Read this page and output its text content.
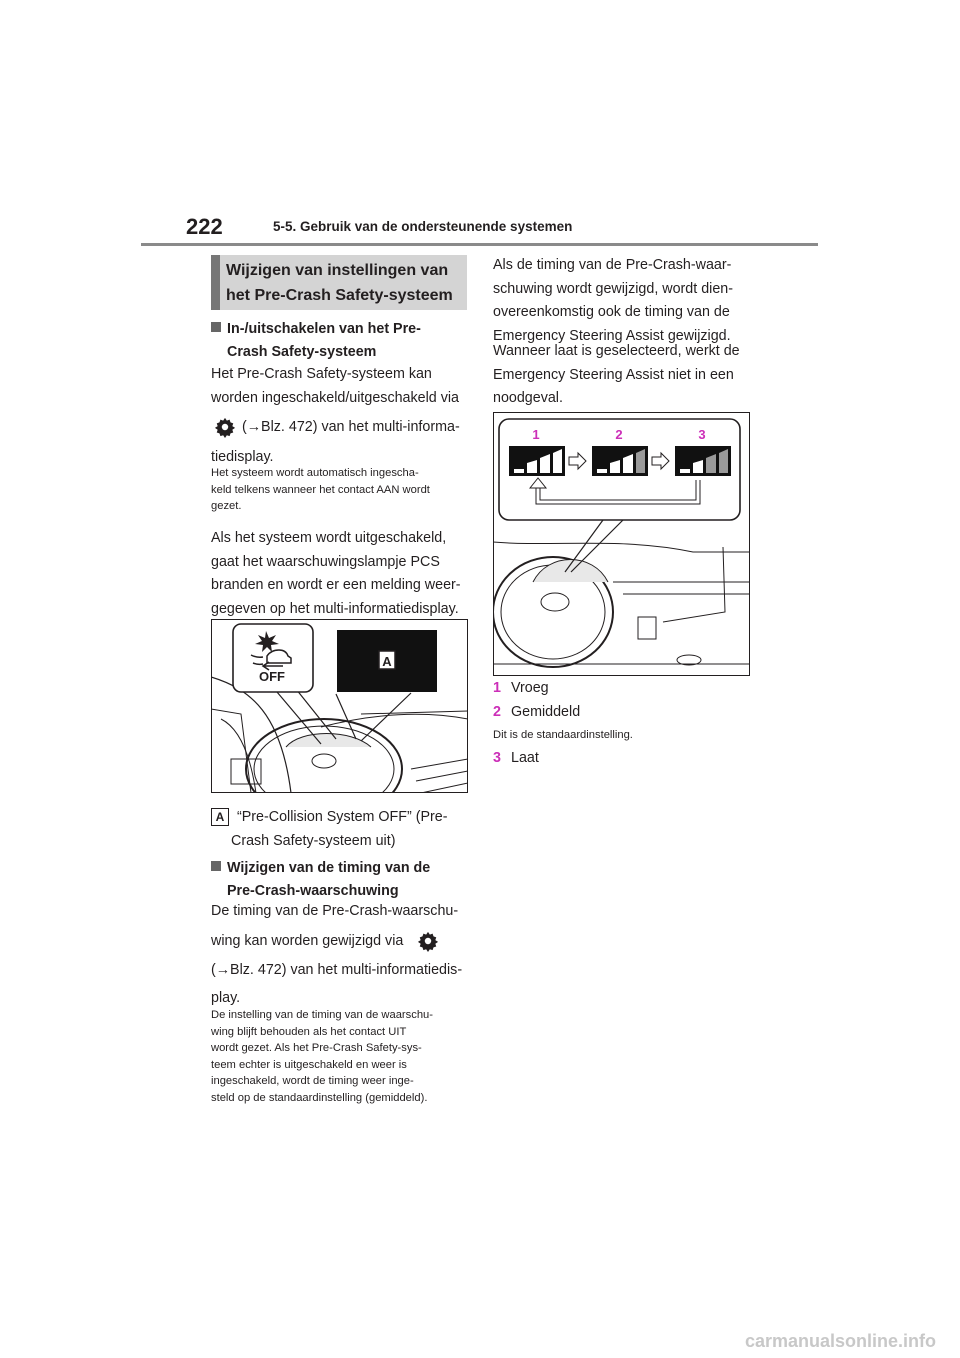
222	5-5. Gebruik van de ondersteunende systemen
Wijzigen van instellingen van
het Pre-Crash Safety-systeem
In-/uitschakelen van het Pre-
Crash Safety-systeem
Het Pre-Crash Safety-systeem kan
worden ingeschakeld/uitgeschakeld via
(→Blz. 472) van het multi-informa-
tiedisplay.
Het systeem wordt automatisch ingescha-
keld telkens wanneer het contact AAN wordt
gezet.
Als het systeem wordt uitgeschakeld,
gaat het waarschuwingslampje PCS
branden en wordt er een melding weer-
gegeven op het multi-informatiedisplay.
OFF
A
A “Pre-Collision System OFF” (Pre-
Crash Safety-systeem uit)
Wijzigen van de timing van de
Pre-Crash-waarschuwing
De timing van de Pre-Crash-waarschu-
wing kan worden gewijzigd via
(→Blz. 472) van het multi-informatiedis-
play.
De instelling van de timing van de waarschu-
wing blijft behouden als het contact UIT
wordt gezet. Als het Pre-Crash Safety-sys-
teem echter is uitgeschakeld en weer is
ingeschakeld, wordt de timing weer inge-
steld op de standaardinstelling (gemiddeld).
Als de timing van de Pre-Crash-waar-
schuwing wordt gewijzigd, wordt dien-
overeenkomstig ook de timing van de
Emergency Steering Assist gewijzigd.
Wanneer laat is geselecteerd, werkt de
Emergency Steering Assist niet in een
noodgeval.
1	2	3
1 Vroeg
2 Gemiddeld
Dit is de standaardinstelling.
3 Laat
carmanualsonline.info
